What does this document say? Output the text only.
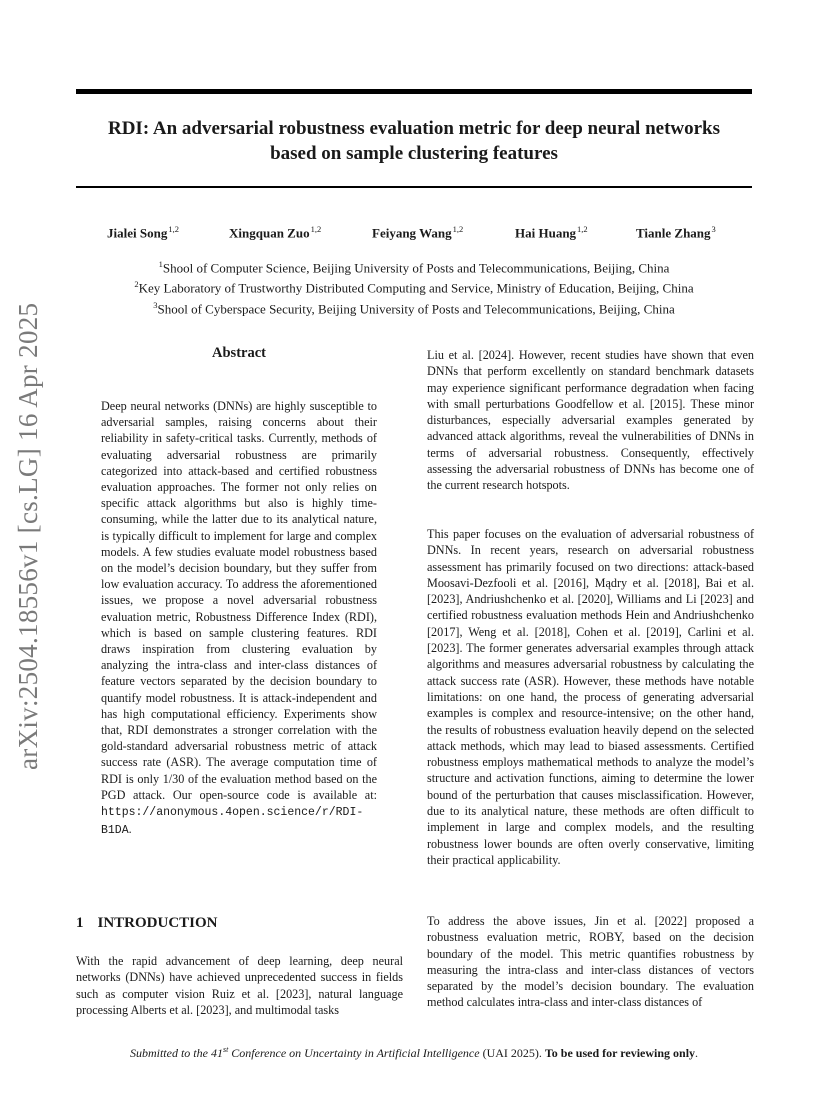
arXiv:2504.18556v1 [cs.LG] 16 Apr 2025
RDI: An adversarial robustness evaluation metric for deep neural networks
based on sample clustering features
Jialei Song$^{1,2}$	Xingquan Zuo$^{1,2}$	Feiyang Wang$^{1,2}$	Hai Huang$^{1,2}$	Tianle Zhang$^3$
$^1$Shool of Computer Science, Beijing University of Posts and Telecommunications, Beijing, China
$^2$Key Laboratory of Trustworthy Distributed Computing and Service, Ministry of Education, Beijing, China
$^3$Shool of Cyberspace Security, Beijing University of Posts and Telecommunications, Beijing, China
Abstract
Deep neural networks (DNNs) are highly susceptible to adversarial samples, raising concerns about their reliability in safety-critical tasks. Currently, methods of evaluating adversarial robustness are primarily categorized into attack-based and certified robustness evaluation approaches. The former not only relies on specific attack algorithms but also is highly time-consuming, while the latter due to its analytical nature, is typically difficult to implement for large and complex models. A few studies evaluate model robustness based on the model’s decision boundary, but they suffer from low evaluation accuracy. To address the aforementioned issues, we propose a novel adversarial robustness evaluation metric, Robustness Difference Index (RDI), which is based on sample clustering features. RDI draws inspiration from clustering evaluation by analyzing the intra-class and inter-class distances of feature vectors separated by the decision boundary to quantify model robustness. It is attack-independent and has high computational efficiency. Experiments show that, RDI demonstrates a stronger correlation with the gold-standard adversarial robustness metric of attack success rate (ASR). The average computation time of RDI is only 1/30 of the evaluation method based on the PGD attack. Our open-source code is available at: https://anonymous.4open.science/r/RDI-B1DA.
1 INTRODUCTION
With the rapid advancement of deep learning, deep neural networks (DNNs) have achieved unprecedented success in fields such as computer vision Ruiz et al. [2023], natural language processing Alberts et al. [2023], and multimodal tasks
Liu et al. [2024]. However, recent studies have shown that even DNNs that perform excellently on standard benchmark datasets may experience significant performance degradation when facing with small perturbations Goodfellow et al. [2015]. These minor disturbances, especially adversarial examples generated by advanced attack algorithms, reveal the vulnerabilities of DNNs in terms of adversarial robustness. Consequently, effectively assessing the adversarial robustness of DNNs has become one of the current research hotspots.
This paper focuses on the evaluation of adversarial robustness of DNNs. In recent years, research on adversarial robustness assessment has primarily focused on two directions: attack-based Moosavi-Dezfooli et al. [2016], Mądry et al. [2018], Bai et al. [2023], Andriushchenko et al. [2020], Williams and Li [2023] and certified robustness evaluation methods Hein and Andriushchenko [2017], Weng et al. [2018], Cohen et al. [2019], Carlini et al. [2023]. The former generates adversarial examples through attack algorithms and measures adversarial robustness by calculating the attack success rate (ASR). However, these methods have notable limitations: on one hand, the process of generating adversarial examples is complex and resource-intensive; on the other hand, the results of robustness evaluation heavily depend on the selected attack methods, which may lead to biased assessments. Certified robustness employs mathematical methods to analyze the model’s structure and activation functions, aiming to determine the lower bound of the perturbation that causes misclassification. However, due to its analytical nature, these methods are often difficult to implement in large and complex models, and the resulting robustness lower bounds are often overly conservative, limiting their practical applicability.
To address the above issues, Jin et al. [2022] proposed a robustness evaluation metric, ROBY, based on the decision boundary of the model. This metric quantifies robustness by measuring the intra-class and inter-class distances of vectors separated by the model’s decision boundary. The evaluation method calculates intra-class and inter-class distances of
Submitted to the 41st Conference on Uncertainty in Artificial Intelligence (UAI 2025). To be used for reviewing only.
